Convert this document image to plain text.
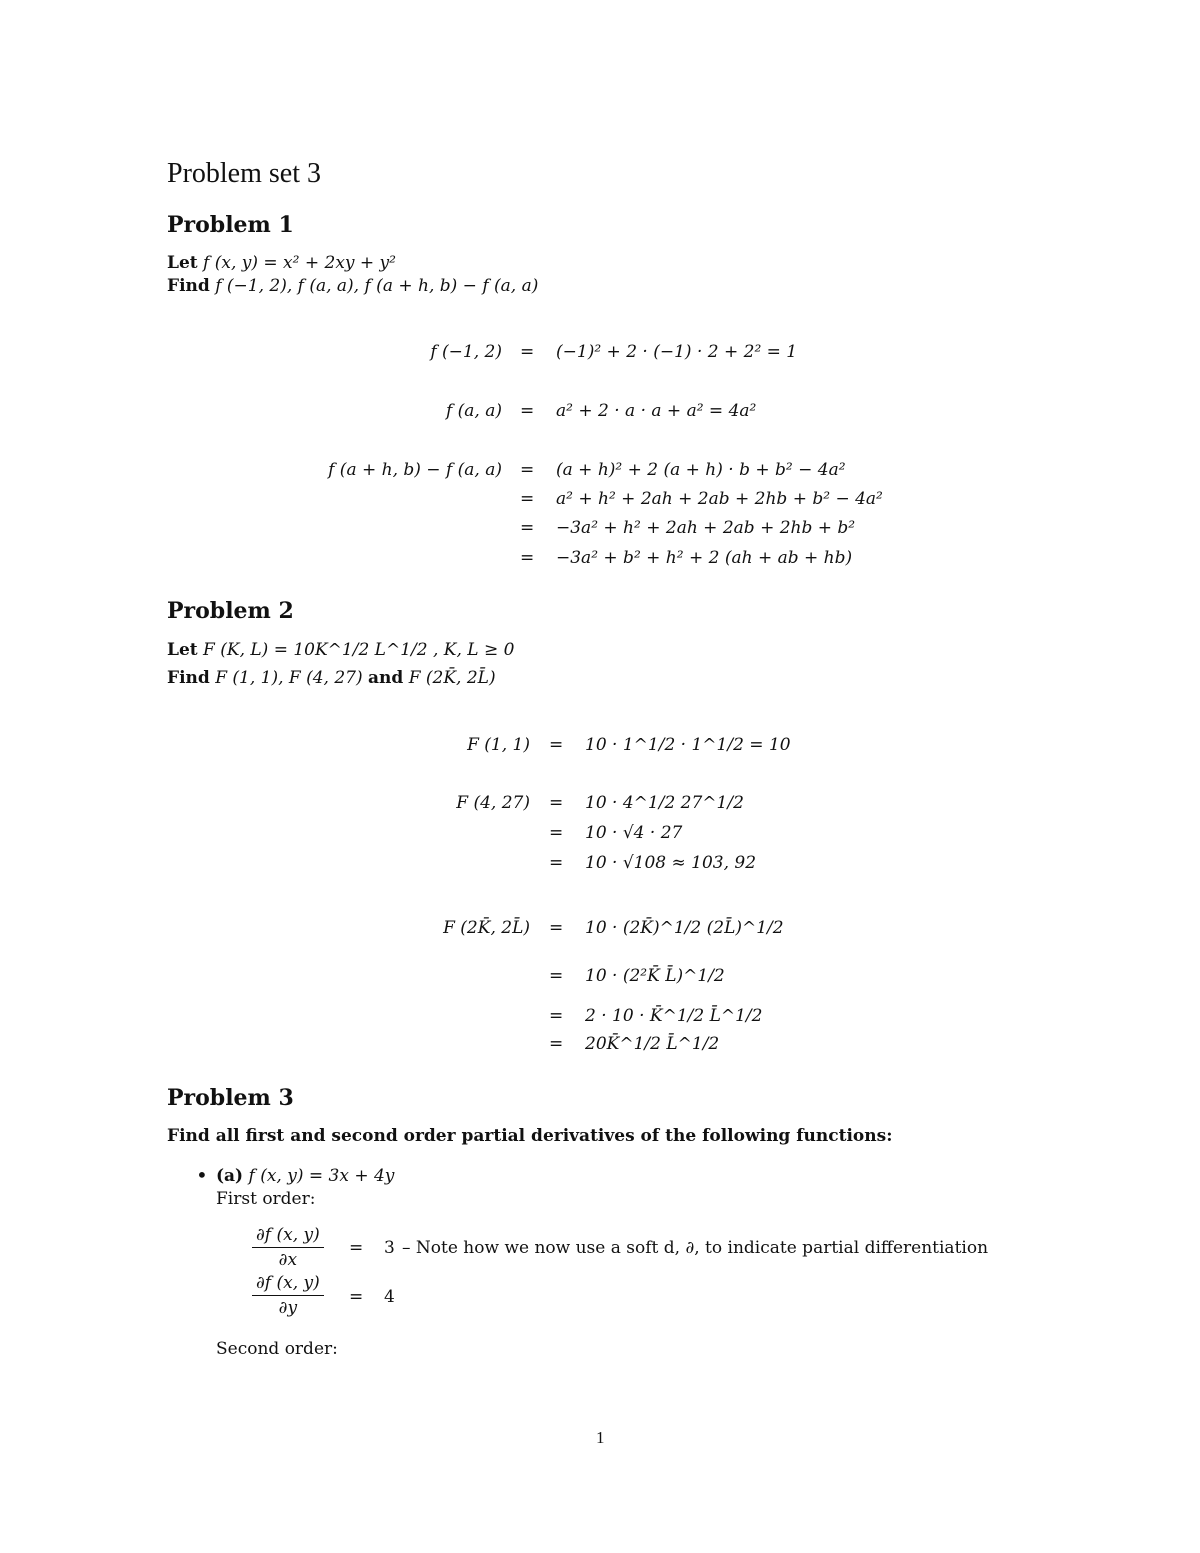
Problem set 3
Problem 1
Let f (x, y) = x² + 2xy + y²
Find f (−1, 2), f (a, a), f (a + h, b) − f (a, a)
f (−1, 2) = (−1)² + 2 · (−1) · 2 + 2² = 1
f (a, a) = a² + 2 · a · a + a² = 4a²
f (a + h, b) − f (a, a) = (a + h)² + 2 (a + h) · b + b² − 4a²
= a² + h² + 2ah + 2ab + 2hb + b² − 4a²
= −3a² + h² + 2ah + 2ab + 2hb + b²
= −3a² + b² + h² + 2 (ah + ab + hb)
Problem 2
Let F (K, L) = 10K^1/2 L^1/2 , K, L ≥ 0
Find F (1, 1), F (4, 27) and F (2K̄, 2L̄)
F (1, 1) = 10 · 1^1/2 · 1^1/2 = 10
F (4, 27) = 10 · 4^1/2 27^1/2
= 10 · √4 · 27
= 10 · √108 ≈ 103, 92
F (2K̄, 2L̄) = 10 · (2K̄)^1/2 (2L̄)^1/2
= 10 · (2²K̄ L̄)^1/2
= 2 · 10 · K̄^1/2 L̄^1/2
= 20K̄^1/2 L̄^1/2
Problem 3
Find all first and second order partial derivatives of the following functions:
• (a) f (x, y) = 3x + 4y
First order:
$\frac{\partial f (x, y)}{\partial x} = 3$ – Note how we now use a soft d, ∂, to indicate partial differentiation
$\frac{\partial f (x, y)}{\partial y} = 4$
Second order:
1
